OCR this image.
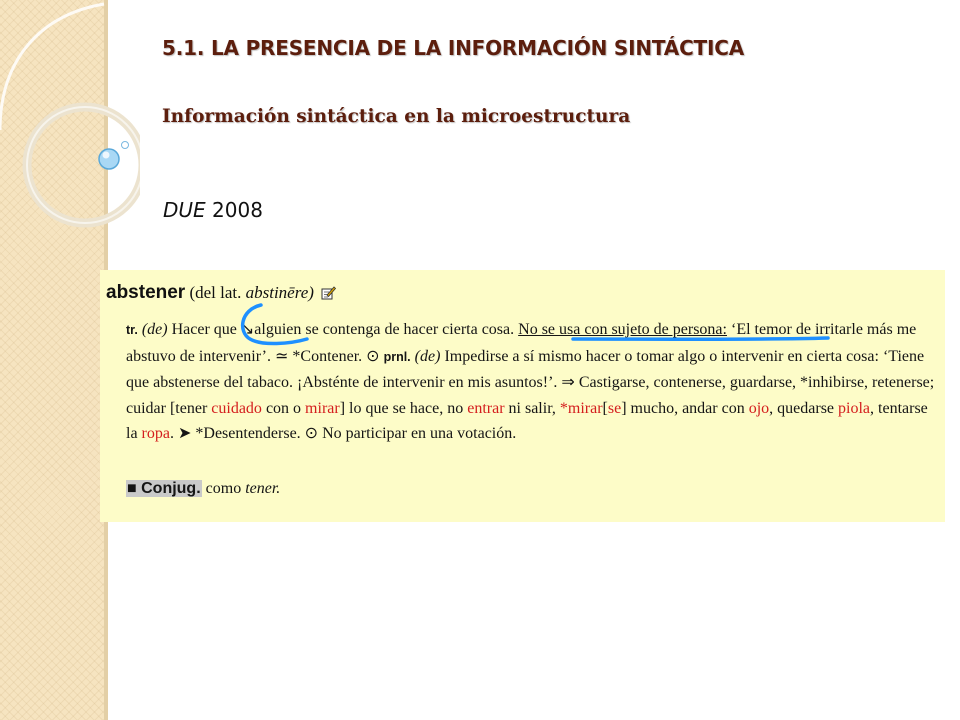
5.1. LA PRESENCIA DE LA INFORMACIÓN SINTÁCTICA
Información sintáctica en la microestructura
DUE 2008
abstener (del lat. abstinēre)

tr. (de) Hacer que ↘alguien se contenga de hacer cierta cosa. No se usa con sujeto de persona: ‘El temor de irritarle más me abstuvo de intervenir’. ≃ *Contener. ⊙ prnl. (de) Impedirse a sí mismo hacer o tomar algo o intervenir en cierta cosa: ‘Tiene que abstenerse del tabaco. ¡Absténte de intervenir en mis asuntos!’. ⇒ Castigarse, contenerse, guardarse, *inhibirse, retenerse; cuidar [tener cuidado con o mirar] lo que se hace, no entrar ni salir, *mirar[se] mucho, andar con ojo, quedarse piola, tentarse la ropa. ➤ *Desentenderse. ⊙ No participar en una votación.

■ Conjug. como tener.
